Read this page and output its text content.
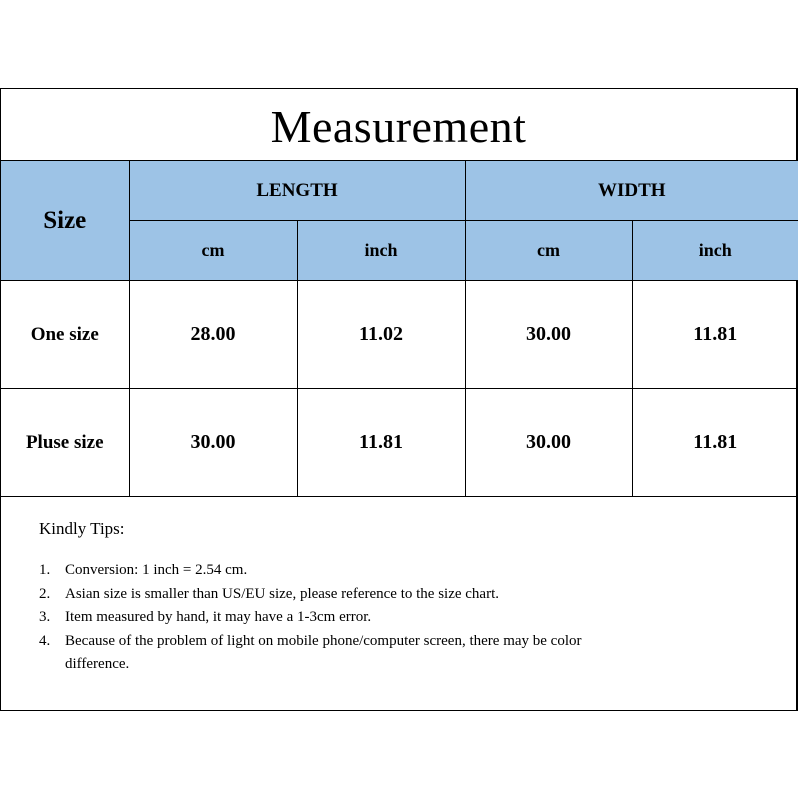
Measurement
Size	LENGTH		WIDTH	
	cm	inch	cm	inch
One size	28.00	11.02	30.00	11.81
Pluse size	30.00	11.81	30.00	11.81
Kindly Tips:
1. Conversion: 1 inch = 2.54 cm.
2. Asian size is smaller than US/EU size, please reference to the size chart.
3. Item measured by hand, it may have a 1-3cm error.
4. Because of the problem of light on mobile phone/computer screen, there may be color difference.
